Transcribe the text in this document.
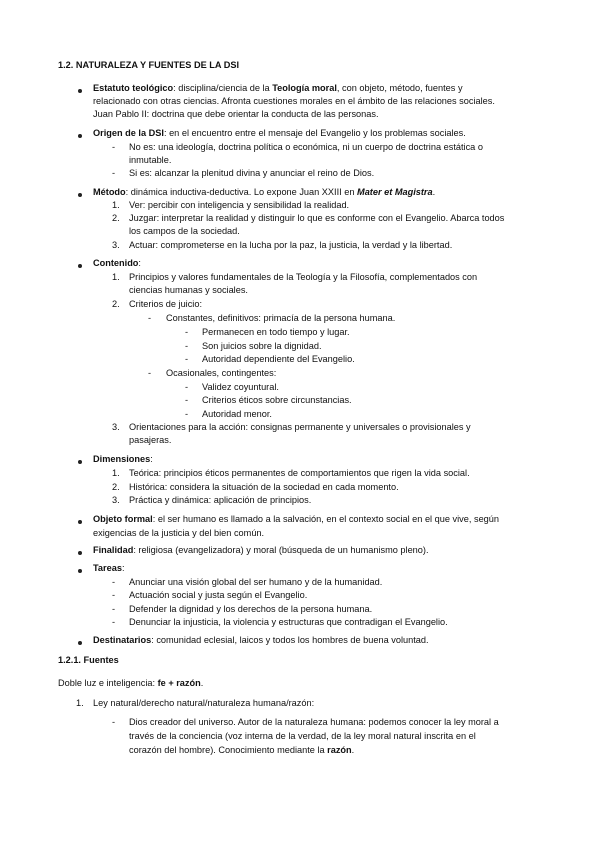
1.2. NATURALEZA Y FUENTES DE LA DSI
Estatuto teológico: disciplina/ciencia de la Teología moral, con objeto, método, fuentes y
relacionado con otras ciencias. Afronta cuestiones morales en el ámbito de las relaciones sociales.
Juan Pablo II: doctrina que debe orientar la conducta de las personas.
Origen de la DSI: en el encuentro entre el mensaje del Evangelio y los problemas sociales.
- No es: una ideología, doctrina política o económica, ni un cuerpo de doctrina estática o
inmutable.
- Si es: alcanzar la plenitud divina y anunciar el reino de Dios.
Método: dinámica inductiva-deductiva. Lo expone Juan XXIII en Mater et Magistra.
1. Ver: percibir con inteligencia y sensibilidad la realidad.
2. Juzgar: interpretar la realidad y distinguir lo que es conforme con el Evangelio. Abarca todos
los campos de la sociedad.
3. Actuar: comprometerse en la lucha por la paz, la justicia, la verdad y la libertad.
Contenido:
1. Principios y valores fundamentales de la Teología y la Filosofía, complementados con
ciencias humanas y sociales.
2. Criterios de juicio:
- Constantes, definitivos: primacía de la persona humana.
- Permanecen en todo tiempo y lugar.
- Son juicios sobre la dignidad.
- Autoridad dependiente del Evangelio.
- Ocasionales, contingentes:
- Validez coyuntural.
- Criterios éticos sobre circunstancias.
- Autoridad menor.
3. Orientaciones para la acción: consignas permanente y universales o provisionales y
pasajeras.
Dimensiones:
1. Teórica: principios éticos permanentes de comportamientos que rigen la vida social.
2. Histórica: considera la situación de la sociedad en cada momento.
3. Práctica y dinámica: aplicación de principios.
Objeto formal: el ser humano es llamado a la salvación, en el contexto social en el que vive, según
exigencias de la justicia y del bien común.
Finalidad: religiosa (evangelizadora) y moral (búsqueda de un humanismo pleno).
Tareas:
- Anunciar una visión global del ser humano y de la humanidad.
- Actuación social y justa según el Evangelio.
- Defender la dignidad y los derechos de la persona humana.
- Denunciar la injusticia, la violencia y estructuras que contradigan el Evangelio.
Destinatarios: comunidad eclesial, laicos y todos los hombres de buena voluntad.
1.2.1. Fuentes
Doble luz e inteligencia: fe + razón.
1. Ley natural/derecho natural/naturaleza humana/razón:
- Dios creador del universo. Autor de la naturaleza humana: podemos conocer la ley moral a
través de la conciencia (voz interna de la verdad, de la ley moral natural inscrita en el
corazón del hombre). Conocimiento mediante la razón.
